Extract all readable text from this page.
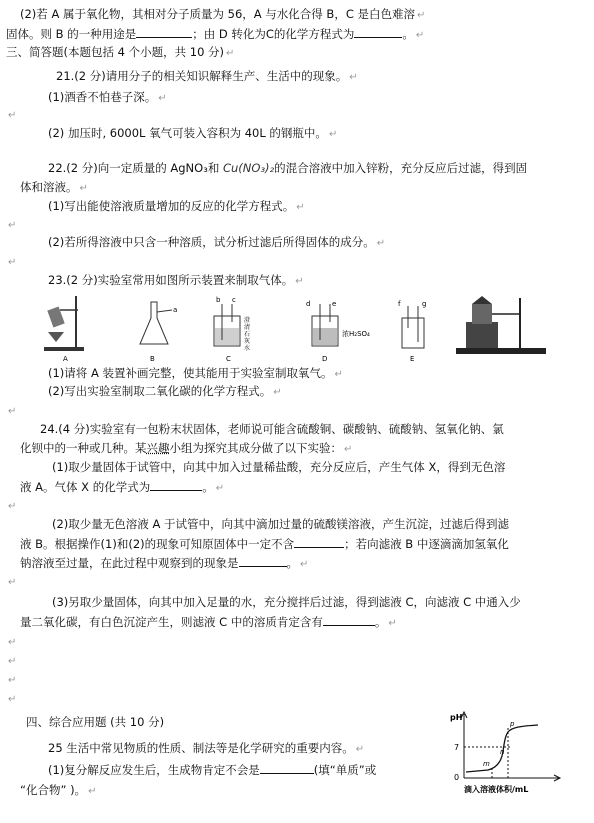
(2)若 A 属于氧化物，其相对分子质量为 56，A 与水化合得 B，C 是白色难溶 ↵
固体。则 B 的一种用途是	；由 D 转化为C的化学方程式为	。 ↵
三、简答题(本题包括 4 个小题，共 10 分) ↵
21.(2 分)请用分子的相关知识解释生产、生活中的现象。 ↵
(1)酒香不怕巷子深。 ↵
↵
(2) 加压时, 6000L 氧气可装入容积为 40L 的钢瓶中。 ↵
22.(2 分)向一定质量的 AgNO₃和 Cu(NO₃)₂的混合溶液中加入锌粉，充分反应后过滤，得到固
体和溶液。 ↵
(1)写出能使溶液质量增加的反应的化学方程式。 ↵
↵
(2)若所得溶液中只含一种溶质，试分析过滤后所得固体的成分。 ↵
↵
23.(2 分)实验室常用如图所示装置来制取气体。 ↵
A
a
B
b c
澄
清
石
灰
水
C
d	e
浓H₂SO₄
D
f	g
E
(1)请将 A 装置补画完整，使其能用于实验室制取氧气。 ↵
(2)写出实验室制取二氧化碳的化学方程式。 ↵
↵
24.(4 分)实验室有一包粉末状固体，老师说可能含硫酸铜、碳酸钠、硫酸钠、氢氧化钠、氯
化钡中的一种或几种。某兴趣小组为探究其成分做了以下实验： ↵
(1)取少量固体于试管中，向其中加入过量稀盐酸，充分反应后，产生气体 X，得到无色溶
液 A。气体 X 的化学式为	。 ↵
↵
(2)取少量无色溶液 A 于试管中，向其中滴加过量的硫酸镁溶液，产生沉淀，过滤后得到滤
液 B。根据操作(1)和(2)的现象可知原固体中一定不含	；若向滤液 B 中逐滴滴加氢氧化
钠溶液至过量，在此过程中观察到的现象是	。 ↵
↵
(3)另取少量固体，向其中加入足量的水，充分搅拌后过滤，得到滤液 C，向滤液 C 中通入少
量二氧化碳，有白色沉淀产生，则滤液 C 中的溶质肯定含有	。 ↵
↵
↵
↵
↵
四、综合应用题 (共 10 分)
25 生活中常见物质的性质、制法等是化学研究的重要内容。 ↵
(1)复分解反应发生后，生成物肯定不会是	(填“单质”或
“化合物” )。 ↵
pH
7
0
m
n
p
滴入溶液体积/mL
